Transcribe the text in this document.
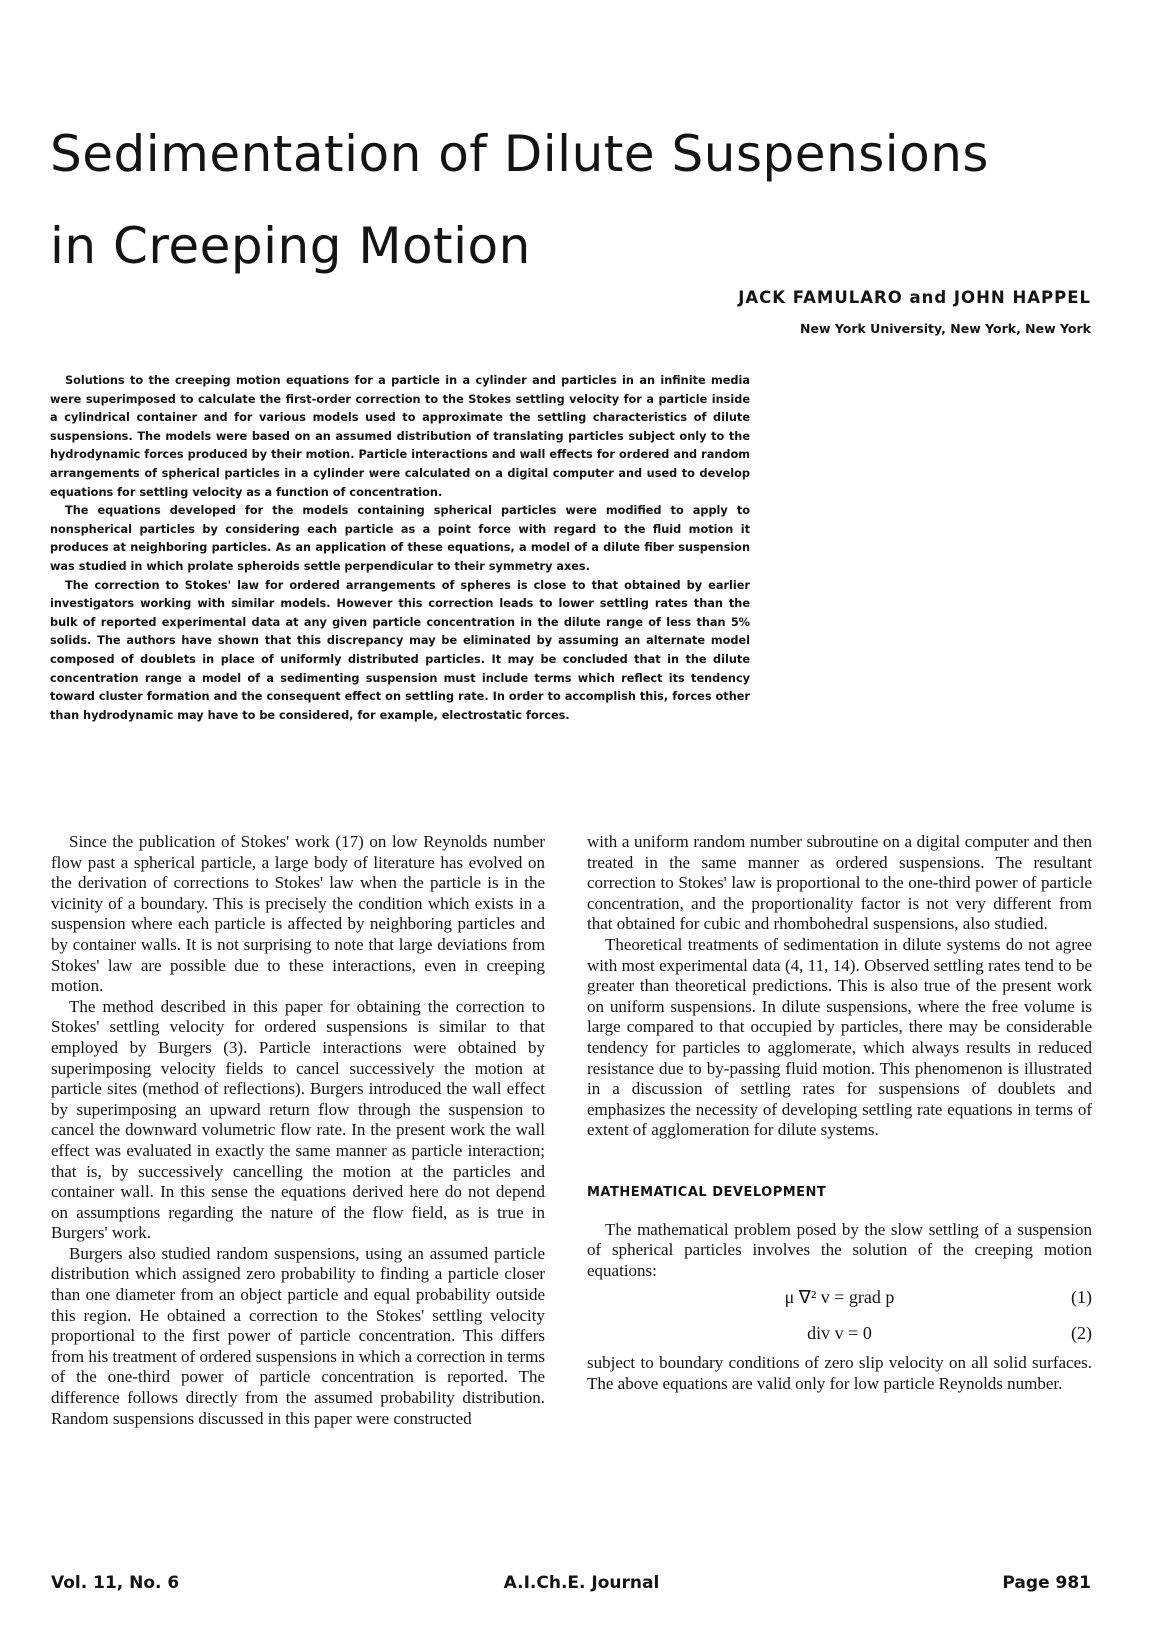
Sedimentation of Dilute Suspensions
in Creeping Motion
JACK FAMULARO and JOHN HAPPEL
New York University, New York, New York

Solutions to the creeping motion equations for a particle in a cylinder and particles in an infinite media were superimposed to calculate the first-order correction to the Stokes settling velocity for a particle inside a cylindrical container and for various models used to approximate the settling characteristics of dilute suspensions. The models were based on an assumed distribution of translating particles subject only to the hydrodynamic forces produced by their motion. Particle interactions and wall effects for ordered and random arrangements of spherical particles in a cylinder were calculated on a digital computer and used to develop equations for settling velocity as a function of concentration.

The equations developed for the models containing spherical particles were modified to apply to nonspherical particles by considering each particle as a point force with regard to the fluid motion it produces at neighboring particles. As an application of these equations, a model of a dilute fiber suspension was studied in which prolate spheroids settle perpendicular to their symmetry axes.

The correction to Stokes' law for ordered arrangements of spheres is close to that obtained by earlier investigators working with similar models. However this correction leads to lower settling rates than the bulk of reported experimental data at any given particle concentration in the dilute range of less than 5% solids. The authors have shown that this discrepancy may be eliminated by assuming an alternate model composed of doublets in place of uniformly distributed particles. It may be concluded that in the dilute concentration range a model of a sedimenting suspension must include terms which reflect its tendency toward cluster formation and the consequent effect on settling rate. In order to accomplish this, forces other than hydrodynamic may have to be considered, for example, electrostatic forces.

Since the publication of Stokes' work (17) on low Reynolds number flow past a spherical particle, a large body of literature has evolved on the derivation of corrections to Stokes' law when the particle is in the vicinity of a boundary. This is precisely the condition which exists in a suspension where each particle is affected by neighboring particles and by container walls. It is not surprising to note that large deviations from Stokes' law are possible due to these interactions, even in creeping motion.

The method described in this paper for obtaining the correction to Stokes' settling velocity for ordered suspensions is similar to that employed by Burgers (3). Particle interactions were obtained by superimposing velocity fields to cancel successively the motion at particle sites (method of reflections). Burgers introduced the wall effect by superimposing an upward return flow through the suspension to cancel the downward volumetric flow rate. In the present work the wall effect was evaluated in exactly the same manner as particle interaction; that is, by successively cancelling the motion at the particles and container wall. In this sense the equations derived here do not depend on assumptions regarding the nature of the flow field, as is true in Burgers' work.

Burgers also studied random suspensions, using an assumed particle distribution which assigned zero probability to finding a particle closer than one diameter from an object particle and equal probability outside this region. He obtained a correction to the Stokes' settling velocity proportional to the first power of particle concentration. This differs from his treatment of ordered suspensions in which a correction in terms of the one-third power of particle concentration is reported. The difference follows directly from the assumed probability distribution. Random suspensions discussed in this paper were constructed

with a uniform random number subroutine on a digital computer and then treated in the same manner as ordered suspensions. The resultant correction to Stokes' law is proportional to the one-third power of particle concentration, and the proportionality factor is not very different from that obtained for cubic and rhombohedral suspensions, also studied.

Theoretical treatments of sedimentation in dilute systems do not agree with most experimental data (4, 11, 14). Observed settling rates tend to be greater than theoretical predictions. This is also true of the present work on uniform suspensions. In dilute suspensions, where the free volume is large compared to that occupied by particles, there may be considerable tendency for particles to agglomerate, which always results in reduced resistance due to by-passing fluid motion. This phenomenon is illustrated in a discussion of settling rates for suspensions of doublets and emphasizes the necessity of developing settling rate equations in terms of extent of agglomeration for dilute systems.

MATHEMATICAL DEVELOPMENT

The mathematical problem posed by the slow settling of a suspension of spherical particles involves the solution of the creeping motion equations:

μ ∇² v = grad p	(1)
div v = 0	(2)

subject to boundary conditions of zero slip velocity on all solid surfaces. The above equations are valid only for low particle Reynolds number.

Vol. 11, No. 6	A.I.Ch.E. Journal	Page 981
